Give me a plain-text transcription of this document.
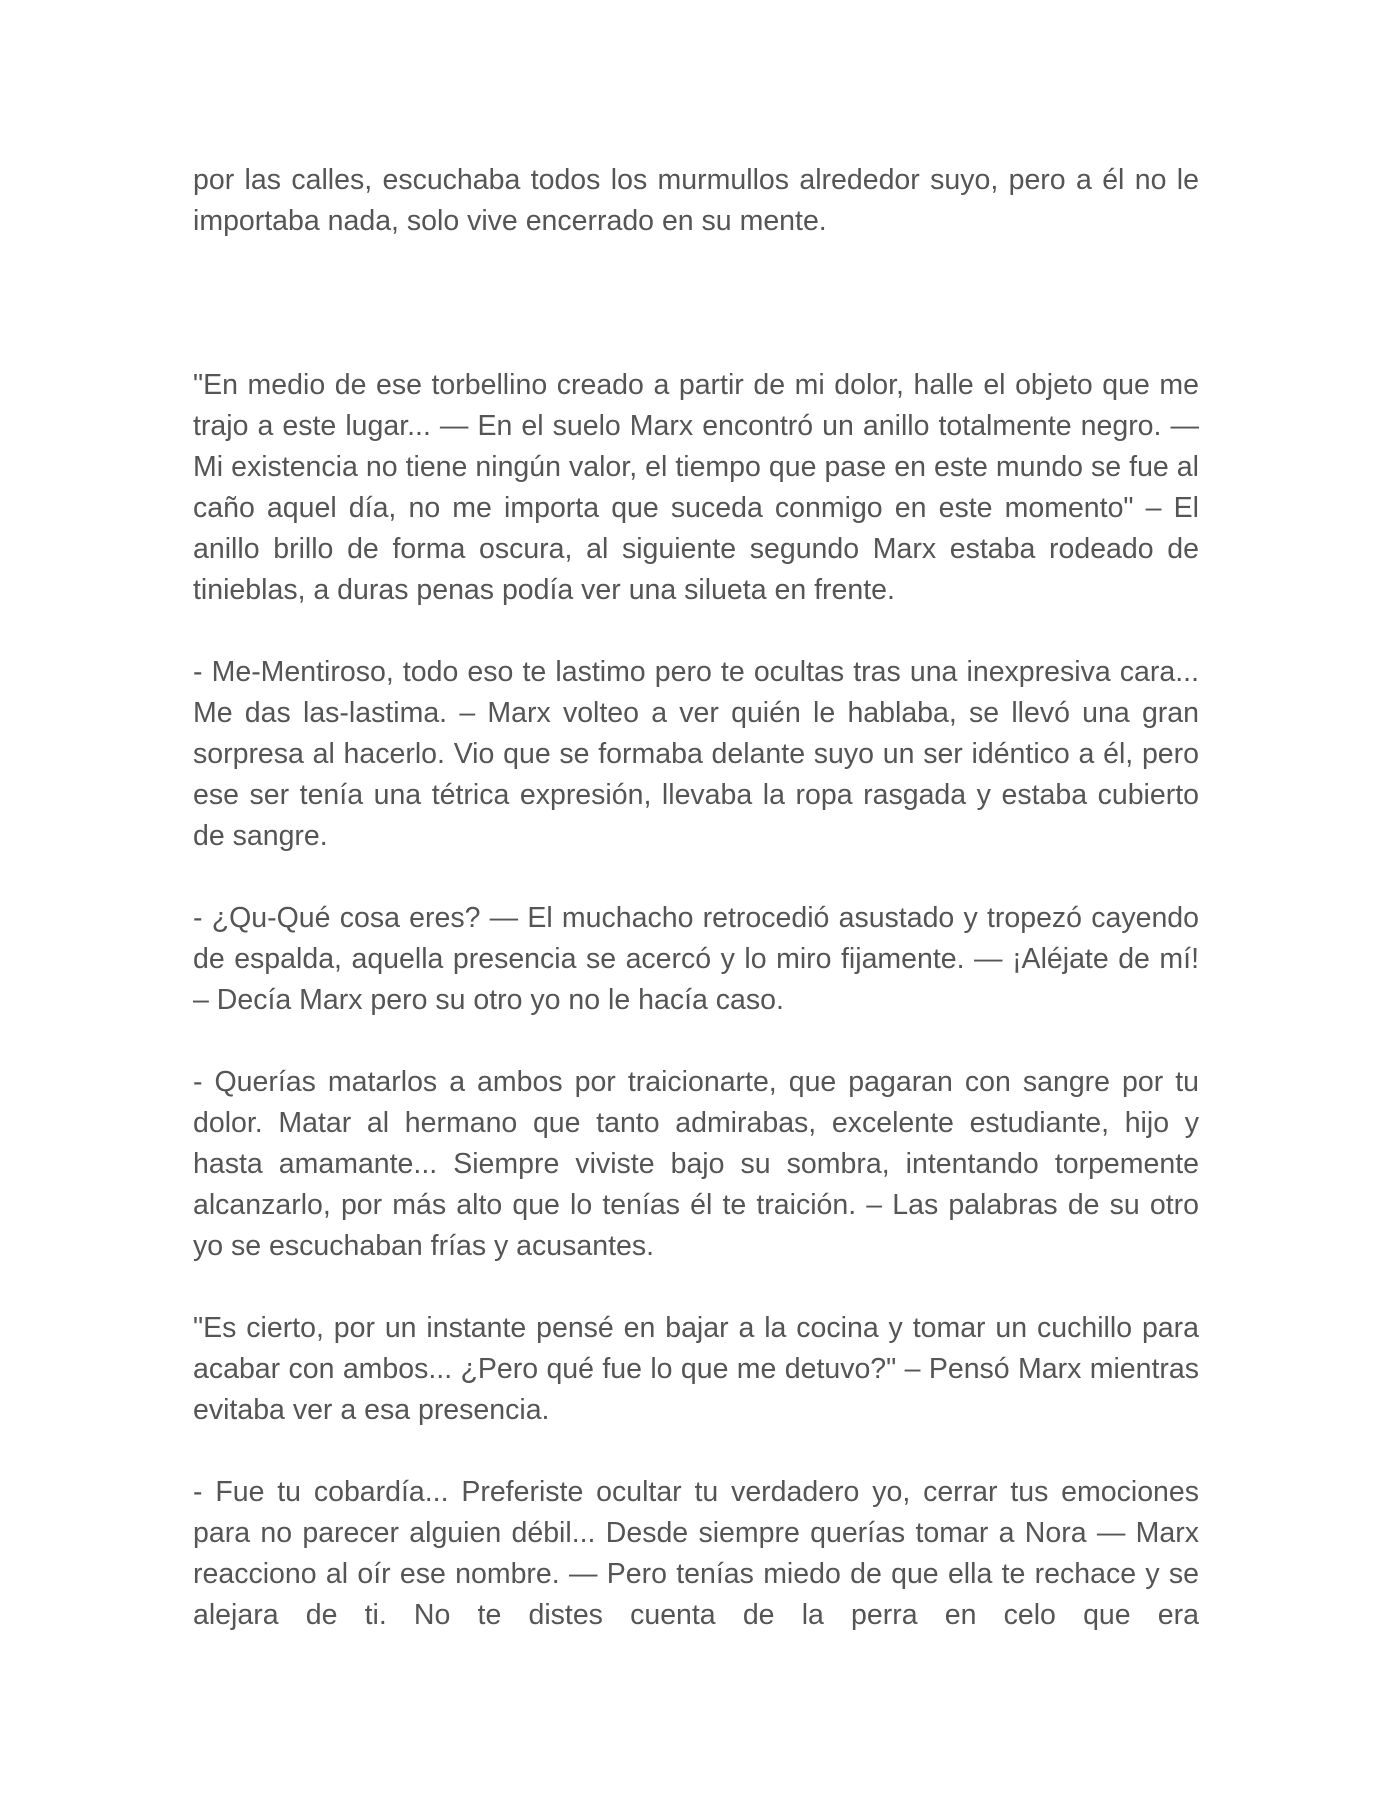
por las calles, escuchaba todos los murmullos alrededor suyo, pero a él no le importaba nada, solo vive encerrado en su mente.

"En medio de ese torbellino creado a partir de mi dolor, halle el objeto que me trajo a este lugar... — En el suelo Marx encontró un anillo totalmente negro. — Mi existencia no tiene ningún valor, el tiempo que pase en este mundo se fue al caño aquel día, no me importa que suceda conmigo en este momento" – El anillo brillo de forma oscura, al siguiente segundo Marx estaba rodeado de tinieblas, a duras penas podía ver una silueta en frente.

- Me-Mentiroso, todo eso te lastimo pero te ocultas tras una inexpresiva cara... Me das las-lastima. – Marx volteo a ver quién le hablaba, se llevó una gran sorpresa al hacerlo. Vio que se formaba delante suyo un ser idéntico a él, pero ese ser tenía una tétrica expresión, llevaba la ropa rasgada y estaba cubierto de sangre.

- ¿Qu-Qué cosa eres? — El muchacho retrocedió asustado y tropezó cayendo de espalda, aquella presencia se acercó y lo miro fijamente. — ¡Aléjate de mí! – Decía Marx pero su otro yo no le hacía caso.

- Querías matarlos a ambos por traicionarte, que pagaran con sangre por tu dolor. Matar al hermano que tanto admirabas, excelente estudiante, hijo y hasta amamante... Siempre viviste bajo su sombra, intentando torpemente alcanzarlo, por más alto que lo tenías él te traición. – Las palabras de su otro yo se escuchaban frías y acusantes.

"Es cierto, por un instante pensé en bajar a la cocina y tomar un cuchillo para acabar con ambos... ¿Pero qué fue lo que me detuvo?" – Pensó Marx mientras evitaba ver a esa presencia.

- Fue tu cobardía... Preferiste ocultar tu verdadero yo, cerrar tus emociones para no parecer alguien débil... Desde siempre querías tomar a Nora — Marx reacciono al oír ese nombre. — Pero tenías miedo de que ella te rechace y se alejara de ti. No te distes cuenta de la perra en celo que era
